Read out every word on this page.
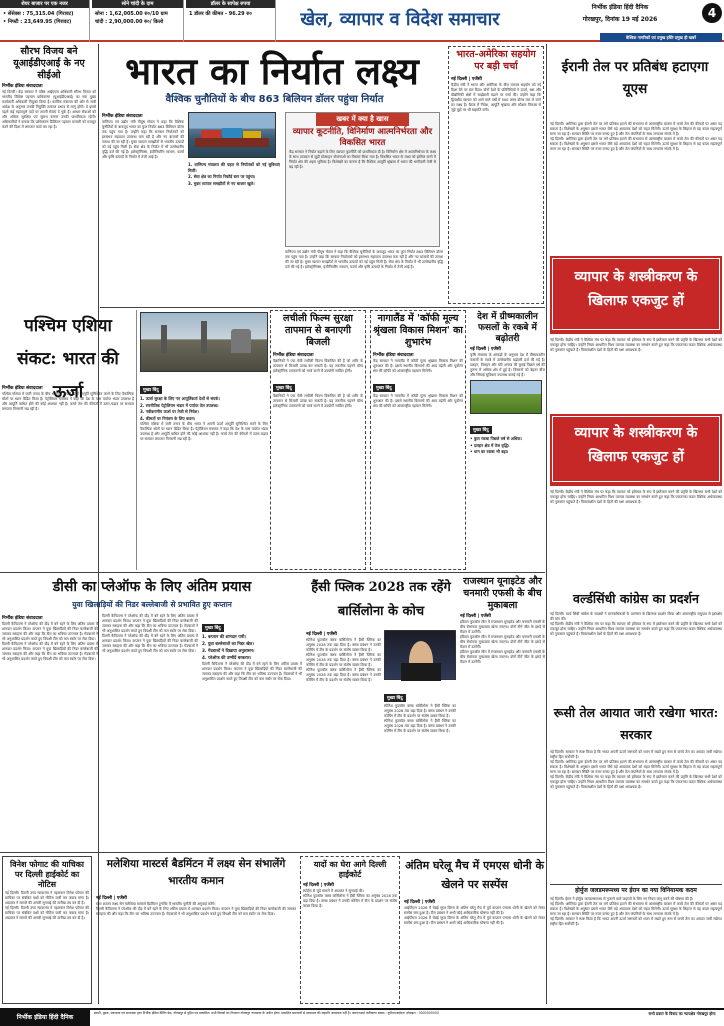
शेयर बाजार पर एक नजर
• सेंसेक्स : 75,315.04 (गिरावट)
• निफ्टी : 23,649.95 (गिरावट)
सोने चांदी के दाम
सोना : 1,62,005.00 रु०/10 ग्राम
चांदी : 2,90,000.00 रु०/ किलो
डॉलर के सापेक्ष रुपया
1 डॉलर की कीमत - 96.29 रु०	खेल, व्यापार व विदेश समाचार
निर्भीक इंडिया हिंदी दैनिक
गोरखपुर, दिनांक 19 मई 2026	4
वैश्विक नागरिकों एवं प्रमुख हस्ति प्रमुख ही खबरें
सौरभ विजय बने यूआईडीएआई के नए सीईओ
निर्भीक इंडिया संवाददाता
नई दिल्ली। केंद्र सरकार ने वरिष्ठ आईएएस अधिकारी सौरभ विजय को भारतीय विशिष्ट पहचान प्राधिकरण (यूआईडीएआई) का नया मुख्य कार्यकारी अधिकारी नियुक्त किया है। कार्मिक मंत्रालय की ओर से जारी आदेश के अनुसार उनकी नियुक्ति तत्काल प्रभाव से लागू होगी। वे इससे पहले कई महत्वपूर्ण पदों पर अपनी सेवाएं दे चुके हैं। आधार सेवाओं को और अधिक सुरक्षित एवं सुलभ बनाना उनकी प्राथमिकता रहेगी। अधिकारियों ने बताया कि प्राधिकरण डिजिटल पहचान प्रणाली को मजबूत करने की दिशा में लगातार कार्य कर रहा है।
भारत का निर्यात लक्ष्य
वैश्विक चुनौतियों के बीच 863 बिलियन डॉलर पहुंचा निर्यात
निर्भीक इंडिया संवाददाता
वाणिज्य एवं उद्योग मंत्री पीयूष गोयल ने कहा कि वैश्विक चुनौतियों के बावजूद भारत का कुल निर्यात 863 बिलियन डॉलर तक पहुंच गया है। उन्होंने कहा कि सरकार निर्यातकों को हरसंभव सहायता उपलब्ध करा रही है और नए बाजारों की तलाश की जा रही है। मुक्त व्यापार समझौतों से भारतीय उत्पादों को नई पहुंच मिली है। सेवा क्षेत्र के निर्यात में भी उल्लेखनीय वृद्धि दर्ज की गई है। इलेक्ट्रॉनिक्स, इंजीनियरिंग सामान, फार्मा और कृषि उत्पादों के निर्यात में तेजी आई है।
1. वाणिज्य मंत्रालय की पहल से निर्यातकों को नई सुविधाएं मिलीं।
2. सेवा क्षेत्र का निर्यात रिकॉर्ड स्तर पर पहुंचा।
3. मुक्त व्यापार समझौतों से नए बाजार खुले।
खबर में क्या है खास
व्यापार कूटनीति, विनिर्माण आत्मनिर्भरता और विकसित भारत
केंद्र सरकार ने निर्यात बढ़ाने के लिए व्यापार कूटनीति को प्राथमिकता दी है। विनिर्माण क्षेत्र में आत्मनिर्भरता के लक्ष्य के साथ उत्पादन से जुड़ी प्रोत्साहन योजनाओं का विस्तार किया गया है। विकसित भारत के लक्ष्य को हासिल करने में निर्यात क्षेत्र की अहम भूमिका है। विशेषज्ञों का मानना है कि वैश्विक आपूर्ति श्रृंखला में भारत की भागीदारी तेजी से बढ़ रही है।
वाणिज्य एवं उद्योग मंत्री पीयूष गोयल ने कहा कि वैश्विक चुनौतियों के बावजूद भारत का कुल निर्यात 863 बिलियन डॉलर तक पहुंच गया है। उन्होंने कहा कि सरकार निर्यातकों को हरसंभव सहायता उपलब्ध करा रही है और नए बाजारों की तलाश की जा रही है। मुक्त व्यापार समझौतों से भारतीय उत्पादों को नई पहुंच मिली है। सेवा क्षेत्र के निर्यात में भी उल्लेखनीय वृद्धि दर्ज की गई है। इलेक्ट्रॉनिक्स, इंजीनियरिंग सामान, फार्मा और कृषि उत्पादों के निर्यात में तेजी आई है।
भारत-अमेरिका सहयोग पर बड़ी चर्चा
नई दिल्ली | एजेंसी
केंद्रीय मंत्री ने भारत और अमेरिका के बीच व्यापार सहयोग को नई दिशा देने पर बल दिया। दोनों देशों के प्रतिनिधियों ने ऊर्जा, रक्षा और प्रौद्योगिकी क्षेत्रों में साझेदारी बढ़ाने पर चर्चा की। उन्होंने कहा कि द्विपक्षीय व्यापार को आने वाले वर्षों में 500 अरब डॉलर तक ले जाने का लक्ष्य है। बैठक में निवेश, आपूर्ति श्रृंखला और कौशल विकास से जुड़े मुद्दों पर भी सहमति बनी।
ईरानी तेल पर प्रतिबंध हटाएगा यूएस
नई दिल्ली। अमेरिका द्वारा ईरानी तेल पर लगे प्रतिबंध हटाने की संभावना से अंतरराष्ट्रीय बाजार में कच्चे तेल की कीमतों पर असर पड़ सकता है। विशेषज्ञों के अनुसार इससे भारत जैसे बड़े आयातक देशों को राहत मिलेगी। ऊर्जा सुरक्षा के लिहाज से यह कदम महत्वपूर्ण माना जा रहा है। सरकार स्थिति पर नजर बनाए हुए है और तेल कंपनियों के साथ लगातार संपर्क में है।
नई दिल्ली। अमेरिका द्वारा ईरानी तेल पर लगे प्रतिबंध हटाने की संभावना से अंतरराष्ट्रीय बाजार में कच्चे तेल की कीमतों पर असर पड़ सकता है। विशेषज्ञों के अनुसार इससे भारत जैसे बड़े आयातक देशों को राहत मिलेगी। ऊर्जा सुरक्षा के लिहाज से यह कदम महत्वपूर्ण माना जा रहा है। सरकार स्थिति पर नजर बनाए हुए है और तेल कंपनियों के साथ लगातार संपर्क में है।
व्यापार के शस्त्रीकरण के खिलाफ एकजुट हों
नई दिल्ली। केंद्रीय मंत्री ने वैश्विक मंच पर कहा कि व्यापार को हथियार के रूप में इस्तेमाल करने की प्रवृत्ति के खिलाफ सभी देशों को एकजुट होना चाहिए। उन्होंने नियम आधारित विश्व व्यापार व्यवस्था का समर्थन करते हुए कहा कि एकतरफा कदम वैश्विक अर्थव्यवस्था को नुकसान पहुंचाते हैं। विकासशील देशों के हितों की रक्षा आवश्यक है।
व्यापार के शस्त्रीकरण के खिलाफ एकजुट हों
नई दिल्ली। केंद्रीय मंत्री ने वैश्विक मंच पर कहा कि व्यापार को हथियार के रूप में इस्तेमाल करने की प्रवृत्ति के खिलाफ सभी देशों को एकजुट होना चाहिए। उन्होंने नियम आधारित विश्व व्यापार व्यवस्था का समर्थन करते हुए कहा कि एकतरफा कदम वैश्विक अर्थव्यवस्था को नुकसान पहुंचाते हैं। विकासशील देशों के हितों की रक्षा आवश्यक है।
वर्ल्डसिंधी कांग्रेस का प्रदर्शन
नई दिल्ली। वर्ल्ड सिंधी कांग्रेस के सदस्यों ने मानवाधिकारों के उल्लंघन के खिलाफ प्रदर्शन किया और अंतरराष्ट्रीय समुदाय से हस्तक्षेप की मांग की।
नई दिल्ली। केंद्रीय मंत्री ने वैश्विक मंच पर कहा कि व्यापार को हथियार के रूप में इस्तेमाल करने की प्रवृत्ति के खिलाफ सभी देशों को एकजुट होना चाहिए। उन्होंने नियम आधारित विश्व व्यापार व्यवस्था का समर्थन करते हुए कहा कि एकतरफा कदम वैश्विक अर्थव्यवस्था को नुकसान पहुंचाते हैं। विकासशील देशों के हितों की रक्षा आवश्यक है।
रूसी तेल आयात जारी रखेगा भारत: सरकार
नई दिल्ली। सरकार ने स्पष्ट किया है कि भारत अपनी ऊर्जा जरूरतों को ध्यान में रखते हुए रूस से कच्चे तेल का आयात जारी रखेगा। राष्ट्रीय हित सर्वोपरि है।
नई दिल्ली। अमेरिका द्वारा ईरानी तेल पर लगे प्रतिबंध हटाने की संभावना से अंतरराष्ट्रीय बाजार में कच्चे तेल की कीमतों पर असर पड़ सकता है। विशेषज्ञों के अनुसार इससे भारत जैसे बड़े आयातक देशों को राहत मिलेगी। ऊर्जा सुरक्षा के लिहाज से यह कदम महत्वपूर्ण माना जा रहा है। सरकार स्थिति पर नजर बनाए हुए है और तेल कंपनियों के साथ लगातार संपर्क में है।
नई दिल्ली। केंद्रीय मंत्री ने वैश्विक मंच पर कहा कि व्यापार को हथियार के रूप में इस्तेमाल करने की प्रवृत्ति के खिलाफ सभी देशों को एकजुट होना चाहिए। उन्होंने नियम आधारित विश्व व्यापार व्यवस्था का समर्थन करते हुए कहा कि एकतरफा कदम वैश्विक अर्थव्यवस्था को नुकसान पहुंचाते हैं। विकासशील देशों के हितों की रक्षा आवश्यक है।
होर्मुज जलडमरूमध्य पर ईरान का नया विनियामक कदम
नई दिल्ली। ईरान ने होर्मुज जलडमरूमध्य से गुजरने वाले जहाजों के लिए नए नियम लागू करने की घोषणा की है।
नई दिल्ली। अमेरिका द्वारा ईरानी तेल पर लगे प्रतिबंध हटाने की संभावना से अंतरराष्ट्रीय बाजार में कच्चे तेल की कीमतों पर असर पड़ सकता है। विशेषज्ञों के अनुसार इससे भारत जैसे बड़े आयातक देशों को राहत मिलेगी। ऊर्जा सुरक्षा के लिहाज से यह कदम महत्वपूर्ण माना जा रहा है। सरकार स्थिति पर नजर बनाए हुए है और तेल कंपनियों के साथ लगातार संपर्क में है।
नई दिल्ली। सरकार ने स्पष्ट किया है कि भारत अपनी ऊर्जा जरूरतों को ध्यान में रखते हुए रूस से कच्चे तेल का आयात जारी रखेगा। राष्ट्रीय हित सर्वोपरि है।
पश्चिम एशिया संकट: भारत की ऊर्जा
निर्भीक इंडिया संवाददाता
पश्चिम एशिया में जारी तनाव के बीच भारत ने अपनी ऊर्जा आपूर्ति सुनिश्चित करने के लिए वैकल्पिक स्रोतों पर ध्यान केंद्रित किया है। पेट्रोलियम मंत्रालय ने कहा कि देश के पास पर्याप्त भंडार उपलब्ध है और आपूर्ति बाधित होने की कोई आशंका नहीं है। कच्चे तेल की कीमतों में उतार-चढ़ाव पर सरकार लगातार निगरानी रख रही है।
मुख्य बिंदु
1. ऊर्जा सुरक्षा के लिए नए आपूर्तिकर्ता देशों से संपर्क।
2. रणनीतिक पेट्रोलियम भंडार में पर्याप्त तेल उपलब्ध।
3. नवीकरणीय ऊर्जा पर तेजी से निवेश।
4. कीमतों पर नियंत्रण के लिए कदम।
पश्चिम एशिया में जारी तनाव के बीच भारत ने अपनी ऊर्जा आपूर्ति सुनिश्चित करने के लिए वैकल्पिक स्रोतों पर ध्यान केंद्रित किया है। पेट्रोलियम मंत्रालय ने कहा कि देश के पास पर्याप्त भंडार उपलब्ध है और आपूर्ति बाधित होने की कोई आशंका नहीं है। कच्चे तेल की कीमतों में उतार-चढ़ाव पर सरकार लगातार निगरानी रख रही है।
लचीली फिल्म सुरक्षा तापमान से बनाएगी बिजली
निर्भीक इंडिया संवाददाता
वैज्ञानिकों ने एक ऐसी लचीली फिल्म विकसित की है जो शरीर के तापमान से बिजली उत्पन्न कर सकती है। यह तकनीक पहनने योग्य इलेक्ट्रॉनिक उपकरणों को चार्ज करने में उपयोगी साबित होगी।
मुख्य बिंदु
वैज्ञानिकों ने एक ऐसी लचीली फिल्म विकसित की है जो शरीर के तापमान से बिजली उत्पन्न कर सकती है। यह तकनीक पहनने योग्य इलेक्ट्रॉनिक उपकरणों को चार्ज करने में उपयोगी साबित होगी।
नागालैंड में 'कॉफी मूल्य श्रृंखला विकास मिशन' का शुभारंभ
निर्भीक इंडिया संवाददाता
केंद्र सरकार ने नागालैंड में कॉफी मूल्य श्रृंखला विकास मिशन की शुरुआत की है। इससे स्थानीय किसानों की आय बढ़ेगी और पूर्वोत्तर क्षेत्र की कॉफी को अंतरराष्ट्रीय पहचान मिलेगी।
मुख्य बिंदु
केंद्र सरकार ने नागालैंड में कॉफी मूल्य श्रृंखला विकास मिशन की शुरुआत की है। इससे स्थानीय किसानों की आय बढ़ेगी और पूर्वोत्तर क्षेत्र की कॉफी को अंतरराष्ट्रीय पहचान मिलेगी।
देश में ग्रीष्मकालीन फसलों के रकबे में बढ़ोतरी
नई दिल्ली | एजेंसी
कृषि मंत्रालय के आंकड़ों के अनुसार देश में ग्रीष्मकालीन फसलों के रकबे में उल्लेखनीय बढ़ोतरी दर्ज की गई है। दलहन, तिलहन और मोटे अनाज की बुवाई पिछले वर्ष की तुलना में अधिक क्षेत्र में हुई है। किसानों को बेहतर बीज और सिंचाई सुविधाएं उपलब्ध कराई गई हैं।
मुख्य बिंदु
• कुल रकबा पिछले वर्ष से अधिक।
• दलहन क्षेत्र में तेज वृद्धि।
• धान का रकबा भी बढ़ा।
डीसी का प्लेऑफ के लिए अंतिम प्रयास
युवा खिलाड़ियों की निडर बल्लेबाजी से प्रभावित हुए कप्तान
निर्भीक इंडिया संवाददाता
दिल्ली कैपिटल्स ने प्लेऑफ की दौड़ में बने रहने के लिए अंतिम प्रयास में शानदार प्रदर्शन किया। कप्तान ने युवा खिलाड़ियों की निडर बल्लेबाजी की जमकर सराहना की और कहा कि टीम का भविष्य उज्ज्वल है। गेंदबाजों ने भी अनुशासित प्रदर्शन करते हुए विपक्षी टीम को कम स्कोर पर रोक दिया।
दिल्ली कैपिटल्स ने प्लेऑफ की दौड़ में बने रहने के लिए अंतिम प्रयास में शानदार प्रदर्शन किया। कप्तान ने युवा खिलाड़ियों की निडर बल्लेबाजी की जमकर सराहना की और कहा कि टीम का भविष्य उज्ज्वल है। गेंदबाजों ने भी अनुशासित प्रदर्शन करते हुए विपक्षी टीम को कम स्कोर पर रोक दिया।
दिल्ली कैपिटल्स ने प्लेऑफ की दौड़ में बने रहने के लिए अंतिम प्रयास में शानदार प्रदर्शन किया। कप्तान ने युवा खिलाड़ियों की निडर बल्लेबाजी की जमकर सराहना की और कहा कि टीम का भविष्य उज्ज्वल है। गेंदबाजों ने भी अनुशासित प्रदर्शन करते हुए विपक्षी टीम को कम स्कोर पर रोक दिया।
दिल्ली कैपिटल्स ने प्लेऑफ की दौड़ में बने रहने के लिए अंतिम प्रयास में शानदार प्रदर्शन किया। कप्तान ने युवा खिलाड़ियों की निडर बल्लेबाजी की जमकर सराहना की और कहा कि टीम का भविष्य उज्ज्वल है। गेंदबाजों ने भी अनुशासित प्रदर्शन करते हुए विपक्षी टीम को कम स्कोर पर रोक दिया।
मुख्य बिंदु
1. कप्तान की शानदार पारी।
2. युवा बल्लेबाजों का निडर खेल।
3. गेंदबाजों ने दिखाया अनुशासन।
4. प्लेऑफ की उम्मीदें बरकरार।
दिल्ली कैपिटल्स ने प्लेऑफ की दौड़ में बने रहने के लिए अंतिम प्रयास में शानदार प्रदर्शन किया। कप्तान ने युवा खिलाड़ियों की निडर बल्लेबाजी की जमकर सराहना की और कहा कि टीम का भविष्य उज्ज्वल है। गेंदबाजों ने भी अनुशासित प्रदर्शन करते हुए विपक्षी टीम को कम स्कोर पर रोक दिया।
हैंसी फ्लिक 2028 तक रहेंगे बार्सिलोना के कोच
नई दिल्ली | एजेंसी
स्पेनिश फुटबॉल क्लब बार्सिलोना ने हैंसी फ्लिक का अनुबंध 2028 तक बढ़ा दिया है। क्लब प्रबंधन ने उनकी कोचिंग में टीम के प्रदर्शन पर संतोष व्यक्त किया है।
स्पेनिश फुटबॉल क्लब बार्सिलोना ने हैंसी फ्लिक का अनुबंध 2028 तक बढ़ा दिया है। क्लब प्रबंधन ने उनकी कोचिंग में टीम के प्रदर्शन पर संतोष व्यक्त किया है।
स्पेनिश फुटबॉल क्लब बार्सिलोना ने हैंसी फ्लिक का अनुबंध 2028 तक बढ़ा दिया है। क्लब प्रबंधन ने उनकी कोचिंग में टीम के प्रदर्शन पर संतोष व्यक्त किया है।
मुख्य बिंदु
स्पेनिश फुटबॉल क्लब बार्सिलोना ने हैंसी फ्लिक का अनुबंध 2028 तक बढ़ा दिया है। क्लब प्रबंधन ने उनकी कोचिंग में टीम के प्रदर्शन पर संतोष व्यक्त किया है।
स्पेनिश फुटबॉल क्लब बार्सिलोना ने हैंसी फ्लिक का अनुबंध 2028 तक बढ़ा दिया है। क्लब प्रबंधन ने उनकी कोचिंग में टीम के प्रदर्शन पर संतोष व्यक्त किया है।
राजस्थान यूनाइटेड और चनमारी एफसी के बीच मुकाबला
नई दिल्ली | एजेंसी
इंडियन फुटबॉल लीग में राजस्थान यूनाइटेड और चनमारी एफसी के बीच रोमांचक मुकाबला खेला जाएगा। दोनों टीमें जीत के इरादे से मैदान में उतरेंगी।
इंडियन फुटबॉल लीग में राजस्थान यूनाइटेड और चनमारी एफसी के बीच रोमांचक मुकाबला खेला जाएगा। दोनों टीमें जीत के इरादे से मैदान में उतरेंगी।
इंडियन फुटबॉल लीग में राजस्थान यूनाइटेड और चनमारी एफसी के बीच रोमांचक मुकाबला खेला जाएगा। दोनों टीमें जीत के इरादे से मैदान में उतरेंगी।
विनेश फोगाट की याचिका पर दिल्ली हाईकोर्ट का नोटिस
नई दिल्ली। दिल्ली उच्च न्यायालय ने पहलवान विनेश फोगाट की याचिका पर संबंधित पक्षों को नोटिस जारी कर जवाब मांगा है। अदालत ने मामले की अगली सुनवाई की तारीख तय कर दी है।
नई दिल्ली। दिल्ली उच्च न्यायालय ने पहलवान विनेश फोगाट की याचिका पर संबंधित पक्षों को नोटिस जारी कर जवाब मांगा है। अदालत ने मामले की अगली सुनवाई की तारीख तय कर दी है।
मलेशिया मास्टर्स बैडमिंटन में लक्ष्य सेन संभालेंगे भारतीय कमान
नई दिल्ली | एजेंसी
स्टार शटलर लक्ष्य सेन मलेशिया मास्टर्स बैडमिंटन टूर्नामेंट में भारतीय चुनौती की अगुवाई करेंगे।
दिल्ली कैपिटल्स ने प्लेऑफ की दौड़ में बने रहने के लिए अंतिम प्रयास में शानदार प्रदर्शन किया। कप्तान ने युवा खिलाड़ियों की निडर बल्लेबाजी की जमकर सराहना की और कहा कि टीम का भविष्य उज्ज्वल है। गेंदबाजों ने भी अनुशासित प्रदर्शन करते हुए विपक्षी टीम को कम स्कोर पर रोक दिया।
यादों का घेरा आगे दिल्ली हाईकोर्ट
नई दिल्ली | एजेंसी
स्पोर्ट्स से जुड़े मामले में अदालत ने सुनवाई की।
स्पेनिश फुटबॉल क्लब बार्सिलोना ने हैंसी फ्लिक का अनुबंध 2028 तक बढ़ा दिया है। क्लब प्रबंधन ने उनकी कोचिंग में टीम के प्रदर्शन पर संतोष व्यक्त किया है।
अंतिम घरेलू मैच में एमएस धोनी के खेलने पर सस्पेंस
नई दिल्ली | एजेंसी
आईपीएल 2026 में चेन्नई सुपर किंग्स के अंतिम घरेलू मैच में पूर्व कप्तान एमएस धोनी के खेलने को लेकर सस्पेंस बना हुआ है। टीम प्रबंधन ने अभी कोई आधिकारिक घोषणा नहीं की है।
आईपीएल 2026 में चेन्नई सुपर किंग्स के अंतिम घरेलू मैच में पूर्व कप्तान एमएस धोनी के खेलने को लेकर सस्पेंस बना हुआ है। टीम प्रबंधन ने अभी कोई आधिकारिक घोषणा नहीं की है।
निर्भीक इंडिया हिंदी दैनिक
स्वामी, मुद्रक, प्रकाशक एवं सम्पादक द्वारा निर्भीक इंडिया प्रिंटिंग प्रेस, गोरखपुर से मुद्रित एवं प्रकाशित। सभी विवादों का निपटारा गोरखपुर न्यायालय के अधीन होगा। प्रकाशित समाचारों से सम्पादक की सहमति आवश्यक नहीं है। आरएनआई पंजीकरण संख्या : यूपीएचआईएन। मोबाइल : 0000000000	सभी प्रकार के विवाद का न्यायक्षेत्र गोरखपुर होगा
